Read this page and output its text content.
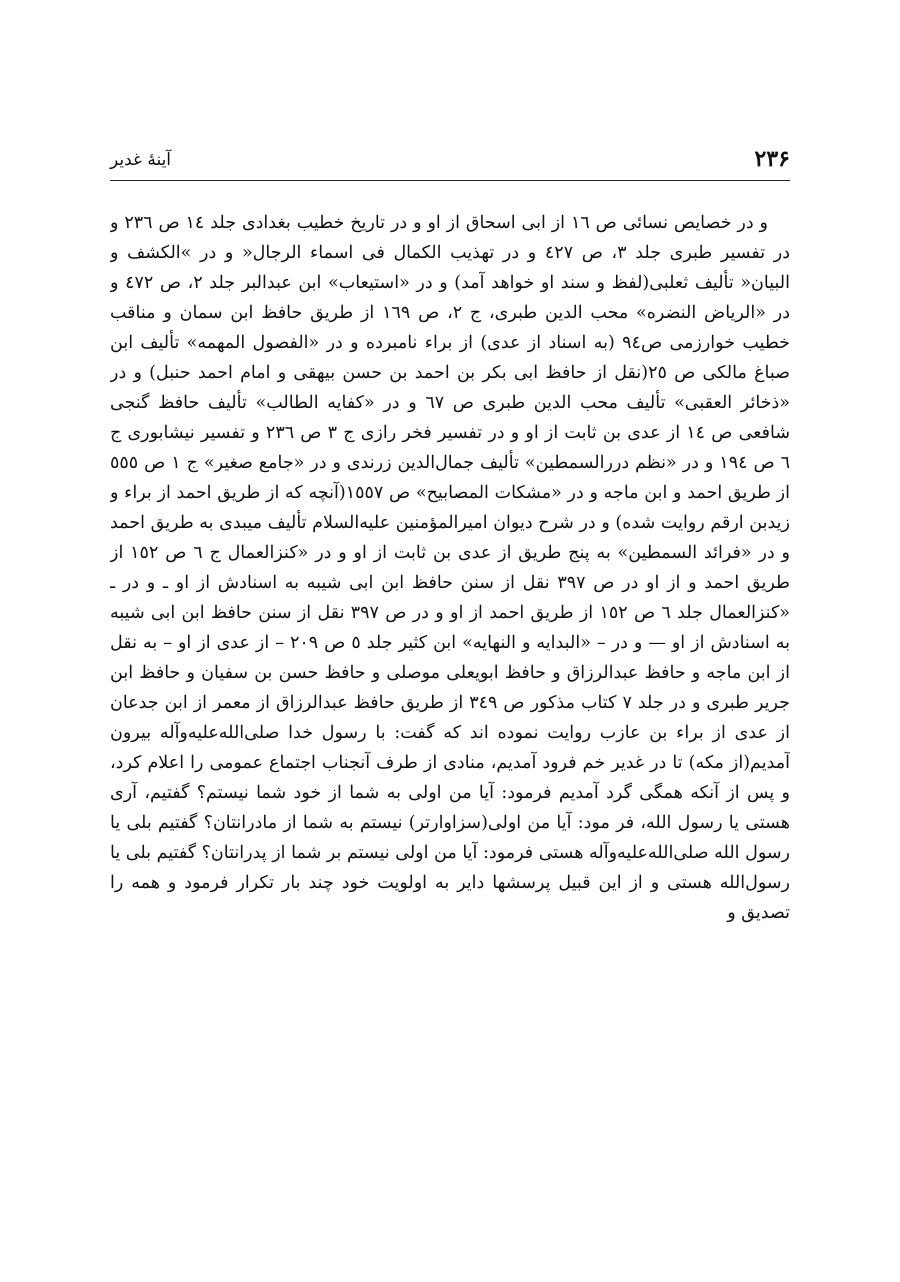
۲۳۶
آینهٔ غدیر

و در خصایص نسائی ص ١٦ از ابی اسحاق از او و در تاریخ خطیب بغدادی جلد ١٤ ص ٢٣٦ و در تفسیر طبری جلد ٣، ص ٤٢٧ و در تهذیب الکمال فی اسماء الرجال« و در »الکشف و البیان« تألیف ثعلبی(لفظ و سند او خواهد آمد) و در «استیعاب» ابن عبدالبر جلد ٢، ص ٤٧٢ و در «الریاض النضره» محب الدین طبری، ج ٢، ص ١٦٩ از طریق حافظ ابن سمان و مناقب خطیب خوارزمی ص٩٤ (به اسناد از عدی) از براء نامبرده و در «الفصول المهمه» تألیف ابن صباغ مالکی ص ٢٥(نقل از حافظ ابی بکر بن احمد بن حسن بیهقی و امام احمد حنبل) و در «ذخائر العقبی» تألیف محب الدین طبری ص ٦٧ و در «کفایه الطالب» تألیف حافظ گنجی شافعی ص ١٤ از عدی بن ثابت از او و در تفسیر فخر رازی ج ٣ ص ٢٣٦ و تفسیر نیشابوری ج ٦ ص ١٩٤ و در «نظم دررالسمطین» تألیف جمال‌الدین زرندی و در «جامع صغیر» ج ١ ص ٥٥٥ از طریق احمد و ابن ماجه و در «مشکات المصابیح» ص ١٥٥٧(آنچه که از طریق احمد از براء و زیدبن ارقم روایت شده) و در شرح دیوان امیرالمؤمنین علیه‌السلام تألیف میبدی به طریق احمد و در «فرائد السمطین» به پنج طریق از عدی بن ثابت از او و در «کنزالعمال ج ٦ ص ١٥٢ از طریق احمد و از او در ص ٣٩٧ نقل از سنن حافظ ابن ابی شیبه به اسنادش از او ـ و در ـ «کنزالعمال جلد ٦ ص ١٥٢ از طریق احمد از او و در ص ٣٩٧ نقل از سنن حافظ ابن ابی شیبه به اسنادش از او — و در – «البدایه و النهایه» ابن کثیر جلد ٥ ص ٢٠٩ – از عدی از او – به نقل از ابن ماجه و حافظ عبدالرزاق و حافظ ابویعلی موصلی و حافظ حسن بن سفیان و حافظ ابن جریر طبری و در جلد ٧ کتاب مذکور ص ٣٤٩ از طریق حافظ عبدالرزاق از معمر از ابن جدعان از عدی از براء بن عازب روایت نموده اند که گفت: با رسول خدا صلی‌الله‌علیه‌وآله بیرون آمدیم(از مکه) تا در غدیر خم فرود آمدیم، منادی از طرف آنجناب اجتماع عمومی را اعلام کرد، و پس از آنکه همگی گرد آمدیم فرمود: آیا من اولی به شما از خود شما نیستم؟ گفتیم، آری هستی یا رسول الله، فر مود: آیا من اولی(سزاوارتر) نیستم به شما از مادرانتان؟ گفتیم بلی یا رسول الله صلی‌الله‌علیه‌وآله هستی فرمود: آیا من اولی نیستم بر شما از پدرانتان؟ گفتیم بلی یا رسول‌الله هستی و از این قبیل پرسشها دایر به اولویت خود چند بار تکرار فرمود و همه را تصدیق و
